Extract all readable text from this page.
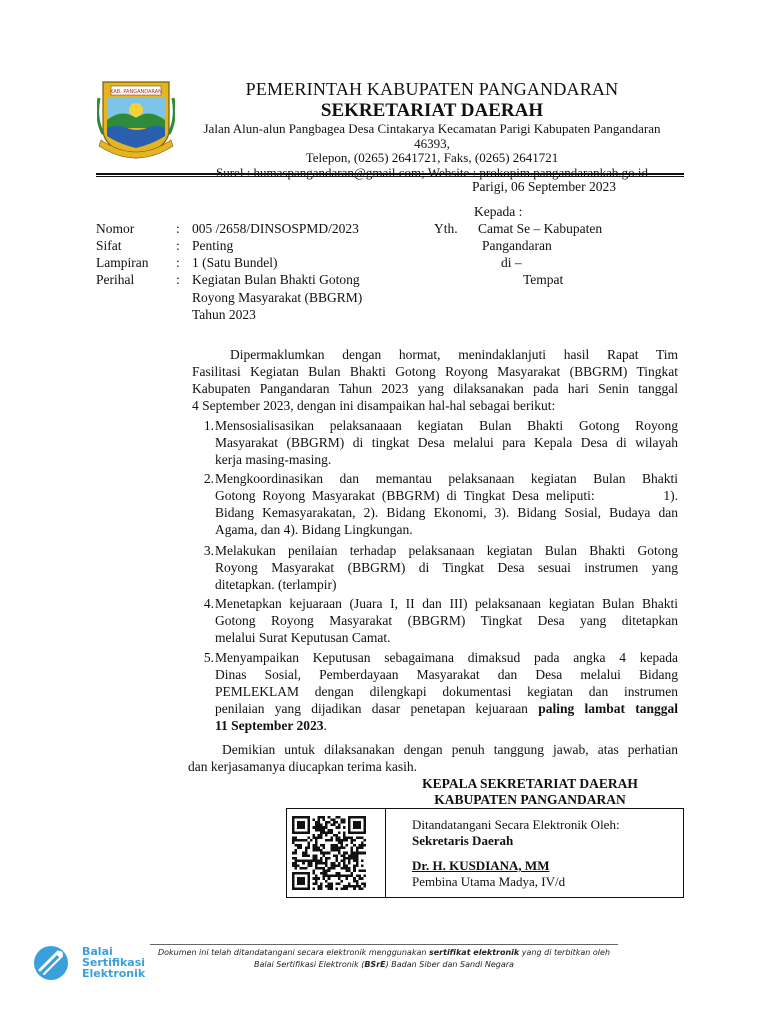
KAB. PANGANDARAN	PEMERINTAH KABUPATEN PANGANDARAN
SEKRETARIAT DAERAH
Jalan Alun-alun Pangbagea Desa Cintakarya Kecamatan Parigi Kabupaten Pangandaran
46393,
Telepon, (0265) 2641721, Faks, (0265) 2641721
Surel : humaspangandaran@gmail.com; Website : prokopim.pangandarankab.go.id
Parigi, 06 September 2023
Kepada :
Yth. Camat Se – Kabupaten
Pangandaran
di –
Tempat
Nomor	: 005 /2658/DINSOSPMD/2023
Sifat	: Penting
Lampiran	: 1 (Satu Bundel)
Perihal	: Kegiatan Bulan Bhakti Gotong
Royong Masyarakat (BBGRM)
Tahun 2023
Dipermaklumkan dengan hormat, menindaklanjuti hasil Rapat Tim
Fasilitasi Kegiatan Bulan Bhakti Gotong Royong Masyarakat (BBGRM) Tingkat
Kabupaten Pangandaran Tahun 2023 yang dilaksanakan pada hari Senin tanggal
4 September 2023, dengan ini disampaikan hal-hal sebagai berikut:
1. Mensosialisasikan pelaksanaaan kegiatan Bulan Bhakti Gotong Royong
Masyarakat (BBGRM) di tingkat Desa melalui para Kepala Desa di wilayah
kerja masing-masing.
2. Mengkoordinasikan dan memantau pelaksanaan kegiatan Bulan Bhakti
Gotong Royong Masyarakat (BBGRM) di Tingkat Desa meliputi:          1).
Bidang Kemasyarakatan, 2). Bidang Ekonomi, 3). Bidang Sosial, Budaya dan
Agama, dan 4). Bidang Lingkungan.
3. Melakukan penilaian terhadap pelaksanaan kegiatan Bulan Bhakti Gotong
Royong Masyarakat (BBGRM) di Tingkat Desa sesuai instrumen yang
ditetapkan. (terlampir)
4. Menetapkan kejuaraan (Juara I, II dan III) pelaksanaan kegiatan Bulan Bhakti
Gotong Royong Masyarakat (BBGRM) Tingkat Desa yang ditetapkan
melalui Surat Keputusan Camat.
5. Menyampaikan Keputusan sebagaimana dimaksud pada angka 4 kepada
Dinas Sosial, Pemberdayaan Masyarakat dan Desa melalui Bidang
PEMLEKLAM dengan dilengkapi dokumentasi kegiatan dan instrumen
penilaian yang dijadikan dasar penetapan kejuaraan paling lambat tanggal
11 September 2023.
Demikian untuk dilaksanakan dengan penuh tanggung jawab, atas perhatian
dan kerjasamanya diucapkan terima kasih.
KEPALA SEKRETARIAT DAERAH
KABUPATEN PANGANDARAN
Ditandatangani Secara Elektronik Oleh:
Sekretaris Daerah
Dr. H. KUSDIANA, MM
Pembina Utama Madya, IV/d
Balai
Sertifikasi
Elektronik
Dokumen ini telah ditandatangani secara elektronik menggunakan sertifikat elektronik yang di terbitkan oleh
Balai Sertifikasi Elektronik (BSrE) Badan Siber dan Sandi Negara
